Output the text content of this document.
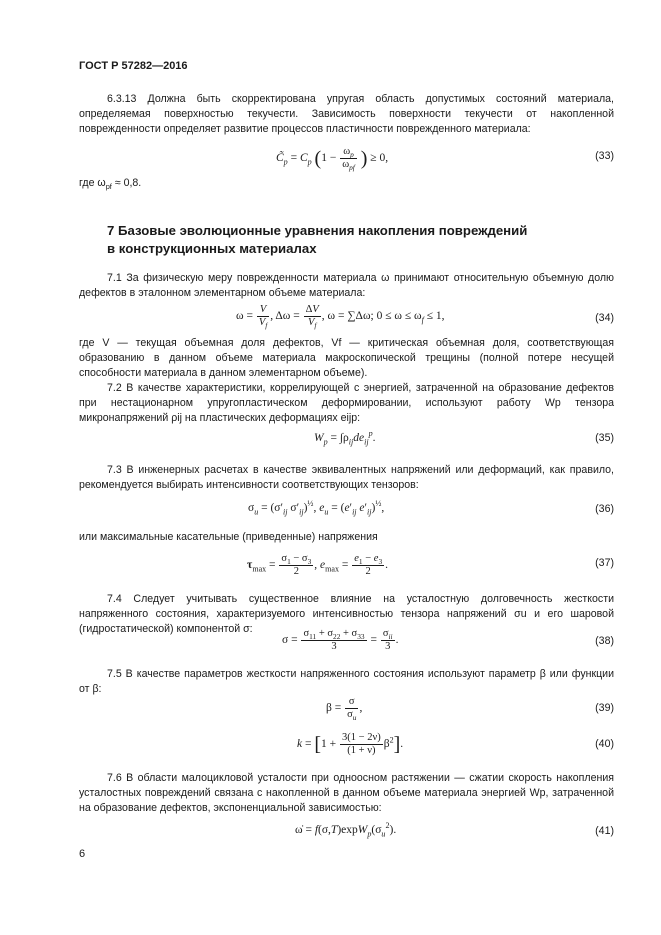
ГОСТ Р 57282—2016
6.3.13 Должна быть скорректирована упругая область допустимых состояний материала, определяемая поверхностью текучести. Зависимость поверхности текучести от накопленной поврежденности определяет развитие процессов пластичности поврежденного материала:
$C̃_p = C_p$ ($1 - \frac{\omega_p}{\omega_{pf}}$ ) ≥ 0,	(33)
где $\omega_{pf} \approx 0,8$.
7 Базовые эволюционные уравнения накопления повреждений
в конструкционных материалах
7.1 За физическую меру поврежденности материала ω принимают относительную объемную долю дефектов в эталонном элементарном объеме материала:
$\omega = \frac{V}{V_f}$ , $\Delta\omega = \frac{\Delta V}{V_f}$ , ω = ∑Δω; $0 \le \omega \le \omega_f \le 1$,	(34)
где V — текущая объемная доля дефектов, Vf — критическая объемная доля, соответствующая образованию в данном объеме материала макроскопической трещины (полной потере несущей способности материала в данном элементарном объеме).
7.2 В качестве характеристики, коррелирующей с энергией, затраченной на образование дефектов при нестационарном упругопластическом деформировании, используют работу Wp тензора микронапряжений ρij на пластических деформациях eijp:
$W_p = \int\rho_{ij}de_{ij}^p$.	(35)
7.3 В инженерных расчетах в качестве эквивалентных напряжений или деформаций, как правило, рекомендуется выбирать интенсивности соответствующих тензоров:
$\sigma_u = (\sigma'_{ij}$ $\sigma'_{ij})^{\frac{1}{2}}$, $e_u = (e'_{ij}$ $e'_{ij})^{\frac{1}{2}}$,	(36)
или максимальные касательные (приведенные) напряжения
$\tau_{max} = \frac{\sigma_1 - \sigma_3}{2}$ , $e_{max} = \frac{e_1 - e_3}{2}$ .	(37)
7.4 Следует учитывать существенное влияние на усталостную долговечность жесткости напряженного состояния, характеризуемого интенсивностью тензора напряжений σu и его шаровой (гидростатической) компонентой σ:
$\sigma = \frac{\sigma_{11} + \sigma_{22} + \sigma_{33}}{3} = \frac{\sigma_{ii}}{3}$ .	(38)
7.5 В качестве параметров жесткости напряженного состояния используют параметр β или функции от β:
$\beta = \frac{\sigma}{\sigma_u}$ ,	(39)
$k = [1 + \frac{3(1 - 2\nu)}{(1 + \nu)} \beta^2]$.	(40)
7.6 В области малоцикловой усталости при одноосном растяжении — сжатии скорость накопления усталостных повреждений связана с накопленной в данном объеме материала энергией Wp, затраченной на образование дефектов, экспоненциальной зависимостью:
ω̇ = $f(\sigma,T)\exp W_p(\sigma_u^2)$.	(41)
6
